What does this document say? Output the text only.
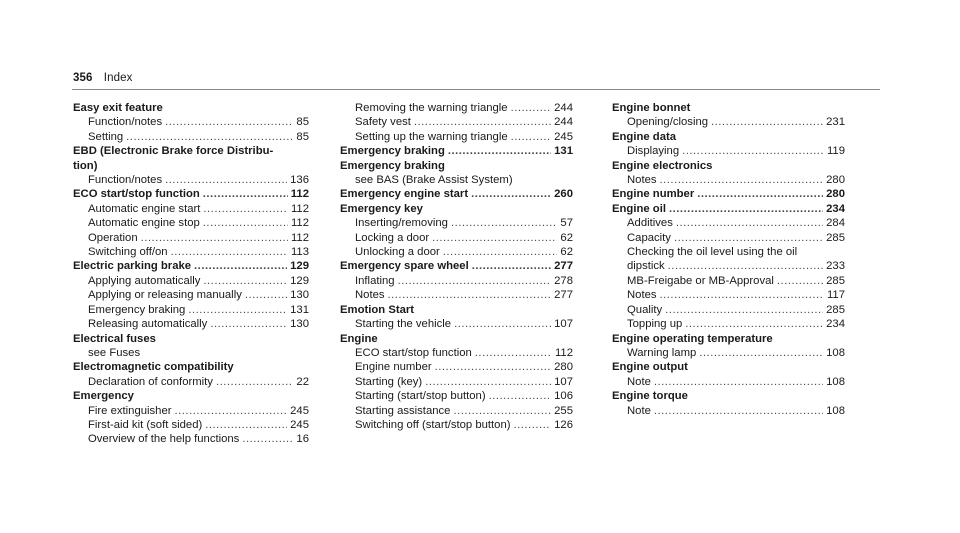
356 Index
Easy exit feature
Function/notes .....	85
Setting .....	85
EBD (Electronic Brake force Distribu-
tion)
Function/notes .....	136
ECO start/stop function .....	112
Automatic engine start .....	112
Automatic engine stop .....	112
Operation .....	112
Switching off/on .....	113
Electric parking brake .....	129
Applying automatically .....	129
Applying or releasing manually .....	130
Emergency braking .....	131
Releasing automatically .....	130
Electrical fuses
see Fuses
Electromagnetic compatibility
Declaration of conformity .....	22
Emergency
Fire extinguisher .....	245
First-aid kit (soft sided) .....	245
Overview of the help functions .....	16
Removing the warning triangle .....	244
Safety vest .....	244
Setting up the warning triangle .....	245
Emergency braking .....	131
Emergency braking
see BAS (Brake Assist System)
Emergency engine start .....	260
Emergency key
Inserting/removing .....	57
Locking a door .....	62
Unlocking a door .....	62
Emergency spare wheel .....	277
Inflating .....	278
Notes .....	277
Emotion Start
Starting the vehicle .....	107
Engine
ECO start/stop function .....	112
Engine number .....	280
Starting (key) .....	107
Starting (start/stop button) .....	106
Starting assistance .....	255
Switching off (start/stop button) .....	126
Engine bonnet
Opening/closing .....	231
Engine data
Displaying .....	119
Engine electronics
Notes .....	280
Engine number .....	280
Engine oil .....	234
Additives .....	284
Capacity .....	285
Checking the oil level using the oil
dipstick .....	233
MB-Freigabe or MB-Approval .....	285
Notes .....	117
Quality .....	285
Topping up .....	234
Engine operating temperature
Warning lamp .....	108
Engine output
Note .....	108
Engine torque
Note .....	108
